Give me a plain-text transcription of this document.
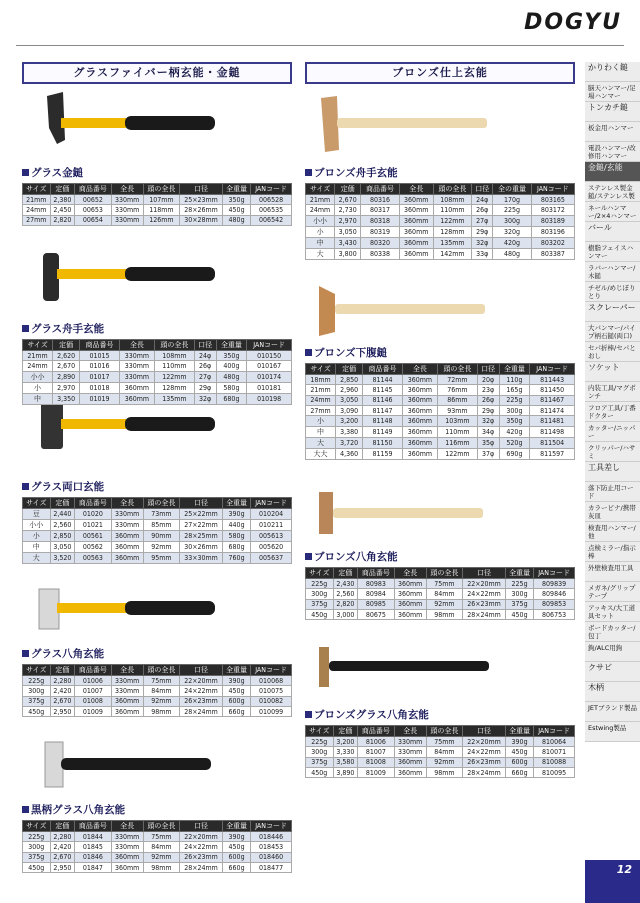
DOGYU
グラスファイバー柄玄能・金鎚	ブロンズ仕上玄能
グラス金鎚
サイズ	定価	商品番号	全長	頭の全長	口径	全重量	JANコード
21mm	2,380	00652	330mm	107mm	25×23mm	350g	006528
24mm	2,450	00653	330mm	118mm	28×26mm	450g	006535
27mm	2,820	00654	330mm	126mm	30×28mm	480g	006542
グラス舟手玄能
サイズ	定価	商品番号	全長	頭の全長	口径	全重量	JANコード
21mm	2,620	01015	330mm	108mm	24φ	350g	010150
24mm	2,670	01016	330mm	110mm	26φ	400g	010167
小小	2,890	01017	330mm	122mm	27φ	480g	010174
小	2,970	01018	360mm	128mm	29φ	580g	010181
中	3,350	01019	360mm	135mm	32φ	680g	010198
グラス両口玄能
サイズ	定価	商品番号	全長	頭の全長	口径	全重量	JANコード
豆	2,440	01020	330mm	73mm	25×22mm	390g	010204
小小	2,560	01021	330mm	85mm	27×22mm	440g	010211
小	2,850	00561	360mm	90mm	28×25mm	580g	005613
中	3,050	00562	360mm	92mm	30×26mm	680g	005620
大	3,520	00563	360mm	95mm	33×30mm	760g	005637
グラス八角玄能
サイズ	定価	商品番号	全長	頭の全長	口径	全重量	JANコード
225g	2,280	01006	330mm	75mm	22×20mm	390g	010068
300g	2,420	01007	330mm	84mm	24×22mm	450g	010075
375g	2,670	01008	360mm	92mm	26×23mm	600g	010082
450g	2,950	01009	360mm	98mm	28×24mm	660g	010099
黒柄グラス八角玄能
サイズ	定価	商品番号	全長	頭の全長	口径	全重量	JANコード
225g	2,280	01844	330mm	75mm	22×20mm	390g	018446
300g	2,420	01845	330mm	84mm	24×22mm	450g	018453
375g	2,670	01846	360mm	92mm	26×23mm	600g	018460
450g	2,950	01847	360mm	98mm	28×24mm	660g	018477
ブロンズ舟手玄能
サイズ	定価	商品番号	全長	頭の全長	口径	全の重量	JANコード
21mm	2,670	80316	360mm	108mm	24φ	170g	803165
24mm	2,730	80317	360mm	110mm	26φ	225g	803172
小小	2,970	80318	360mm	122mm	27φ	300g	803189
小	3,050	80319	360mm	128mm	29φ	320g	803196
中	3,430	80320	360mm	135mm	32φ	420g	803202
大	3,800	80338	360mm	142mm	33φ	480g	803387
ブロンズ下腹鎚
サイズ	定価	商品番号	全長	頭の全長	口径	全重量	JANコード
18mm	2,850	81144	360mm	72mm	20φ	110g	811443
21mm	2,960	81145	360mm	76mm	23φ	165g	811450
24mm	3,050	81146	360mm	86mm	26φ	225g	811467
27mm	3,090	81147	360mm	93mm	29φ	300g	811474
小	3,200	81148	360mm	103mm	32φ	350g	811481
中	3,380	81149	360mm	110mm	34φ	420g	811498
大	3,720	81150	360mm	116mm	35φ	520g	811504
大大	4,360	81159	360mm	122mm	37φ	690g	811597
ブロンズ八角玄能
サイズ	定価	商品番号	全長	頭の全長	口径	全重量	JANコード
225g	2,430	80983	360mm	75mm	22×20mm	225g	809839
300g	2,560	80984	360mm	84mm	24×22mm	300g	809846
375g	2,820	80985	360mm	92mm	26×23mm	375g	809853
450g	3,000	80675	360mm	98mm	28×24mm	450g	806753
ブロンズグラス八角玄能
サイズ	定価	商品番号	全長	頭の全長	口径	全重量	JANコード
225g	3,200	81006	330mm	75mm	22×20mm	390g	810064
300g	3,330	81007	330mm	84mm	24×22mm	450g	810071
375g	3,580	81008	360mm	92mm	26×23mm	600g	810088
450g	3,890	81009	360mm	98mm	28×24mm	660g	810095
かりわく鎚
脳天ハンマー/足場ハンマー
トンカチ鎚
板金用ハンマー
電設ハンマー/改修用ハンマー
金鎚/玄能
ステンレス製金鎚/ステンレス製
ネールハンマー/2×4ハンマー
バール
樹脂フェイスハンマー
ラバーハンマー/木鎚
チゼル/めじぼりとり
スクレーパー
大バンマー/パイプ柄石鎚(両口)
セパ折棒/セパとおし
ソケット
内装工具/マグポンチ
フロア工具/丁番ドクター
カッター/ニッパー
クリッパー/ハサミ
工具差し
落下防止用コード
カラービナ/携帯灰皿
検査用ハンマー/他
点検ミラー/指示棒
外壁検査用工具
メガネ/グリップテープ
アッキス/大工道具セット
ボードカッター/包丁
鉤/ALC用鉤
クサビ
木柄
JETブランド製品
Estwing製品
12
